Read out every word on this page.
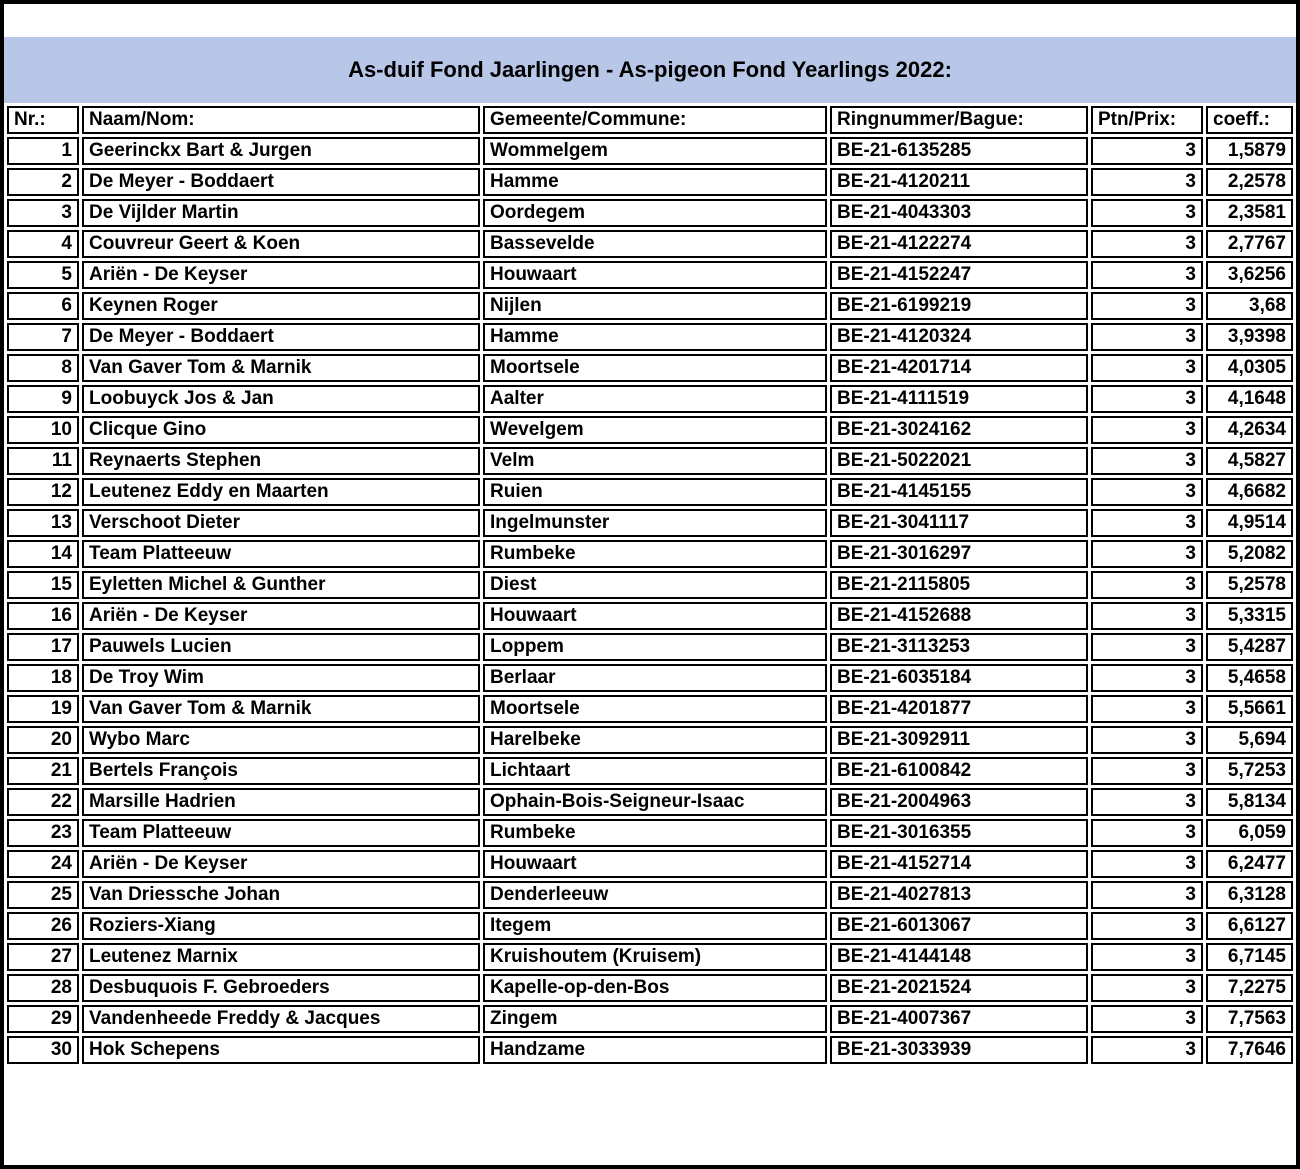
As-duif Fond Jaarlingen - As-pigeon Fond Yearlings 2022:
Nr.:	Naam/Nom:	Gemeente/Commune:	Ringnummer/Bague:	Ptn/Prix:	coeff.:
1	Geerinckx Bart & Jurgen	Wommelgem	BE-21-6135285	3	1,5879
2	De Meyer - Boddaert	Hamme	BE-21-4120211	3	2,2578
3	De Vijlder Martin	Oordegem	BE-21-4043303	3	2,3581
4	Couvreur Geert & Koen	Bassevelde	BE-21-4122274	3	2,7767
5	Ariën - De Keyser	Houwaart	BE-21-4152247	3	3,6256
6	Keynen Roger	Nijlen	BE-21-6199219	3	3,68
7	De Meyer - Boddaert	Hamme	BE-21-4120324	3	3,9398
8	Van Gaver Tom & Marnik	Moortsele	BE-21-4201714	3	4,0305
9	Loobuyck Jos & Jan	Aalter	BE-21-4111519	3	4,1648
10	Clicque Gino	Wevelgem	BE-21-3024162	3	4,2634
11	Reynaerts Stephen	Velm	BE-21-5022021	3	4,5827
12	Leutenez Eddy en Maarten	Ruien	BE-21-4145155	3	4,6682
13	Verschoot Dieter	Ingelmunster	BE-21-3041117	3	4,9514
14	Team Platteeuw	Rumbeke	BE-21-3016297	3	5,2082
15	Eyletten Michel & Gunther	Diest	BE-21-2115805	3	5,2578
16	Ariën - De Keyser	Houwaart	BE-21-4152688	3	5,3315
17	Pauwels Lucien	Loppem	BE-21-3113253	3	5,4287
18	De Troy Wim	Berlaar	BE-21-6035184	3	5,4658
19	Van Gaver Tom & Marnik	Moortsele	BE-21-4201877	3	5,5661
20	Wybo Marc	Harelbeke	BE-21-3092911	3	5,694
21	Bertels François	Lichtaart	BE-21-6100842	3	5,7253
22	Marsille Hadrien	Ophain-Bois-Seigneur-Isaac	BE-21-2004963	3	5,8134
23	Team Platteeuw	Rumbeke	BE-21-3016355	3	6,059
24	Ariën - De Keyser	Houwaart	BE-21-4152714	3	6,2477
25	Van Driessche Johan	Denderleeuw	BE-21-4027813	3	6,3128
26	Roziers-Xiang	Itegem	BE-21-6013067	3	6,6127
27	Leutenez Marnix	Kruishoutem (Kruisem)	BE-21-4144148	3	6,7145
28	Desbuquois F. Gebroeders	Kapelle-op-den-Bos	BE-21-2021524	3	7,2275
29	Vandenheede Freddy & Jacques	Zingem	BE-21-4007367	3	7,7563
30	Hok Schepens	Handzame	BE-21-3033939	3	7,7646
